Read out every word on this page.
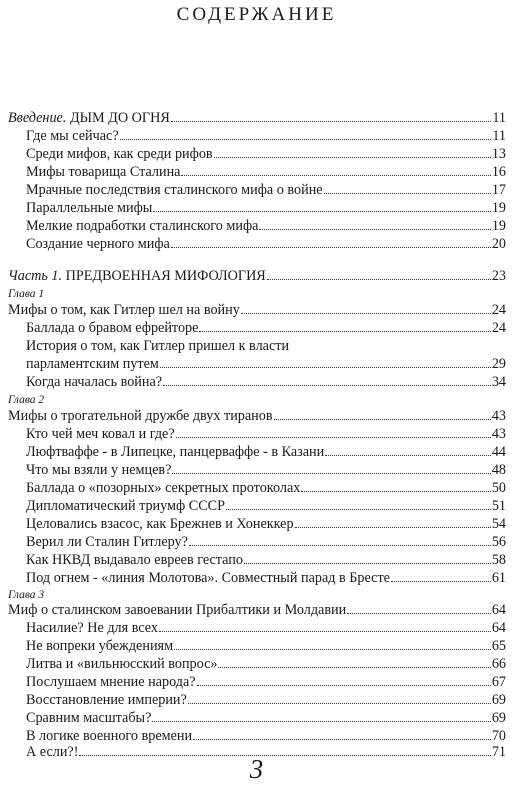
СОДЕРЖАНИЕ
Введение. ДЫМ ДО ОГНЯ	11
Где мы сейчас?	11
Среди мифов, как среди рифов	13
Мифы товарища Сталина	16
Мрачные последствия сталинского мифа о войне	17
Параллельные мифы	19
Мелкие подработки сталинского мифа	19
Создание черного мифа	20
Часть 1. ПРЕДВОЕННАЯ МИФОЛОГИЯ	23
Глава 1
Мифы о том, как Гитлер шел на войну	24
Баллада о бравом ефрейторе	24
История о том, как Гитлер пришел к власти
парламентским путем	29
Когда началась война?	34
Глава 2
Мифы о трогательной дружбе двух тиранов	43
Кто чей меч ковал и где?	43
Люфтваффе - в Липецке, панцерваффе - в Казани	44
Что мы взяли у немцев?	48
Баллада о «позорных» секретных протоколах	50
Дипломатический триумф СССР	51
Целовались взасос, как Брежнев и Хонеккер	54
Верил ли Сталин Гитлеру?	56
Как НКВД выдавало евреев гестапо	58
Под огнем - «линия Молотова». Совместный парад в Бресте	61
Глава 3
Миф о сталинском завоевании Прибалтики и Молдавии	64
Насилие? Не для всех	64
Не вопреки убеждениям	65
Литва и «вильнюсский вопрос»	66
Послушаем мнение народа?	67
Восстановление империи?	69
Сравним масштабы?	69
В логике военного времени	70
А если?!	71
3
